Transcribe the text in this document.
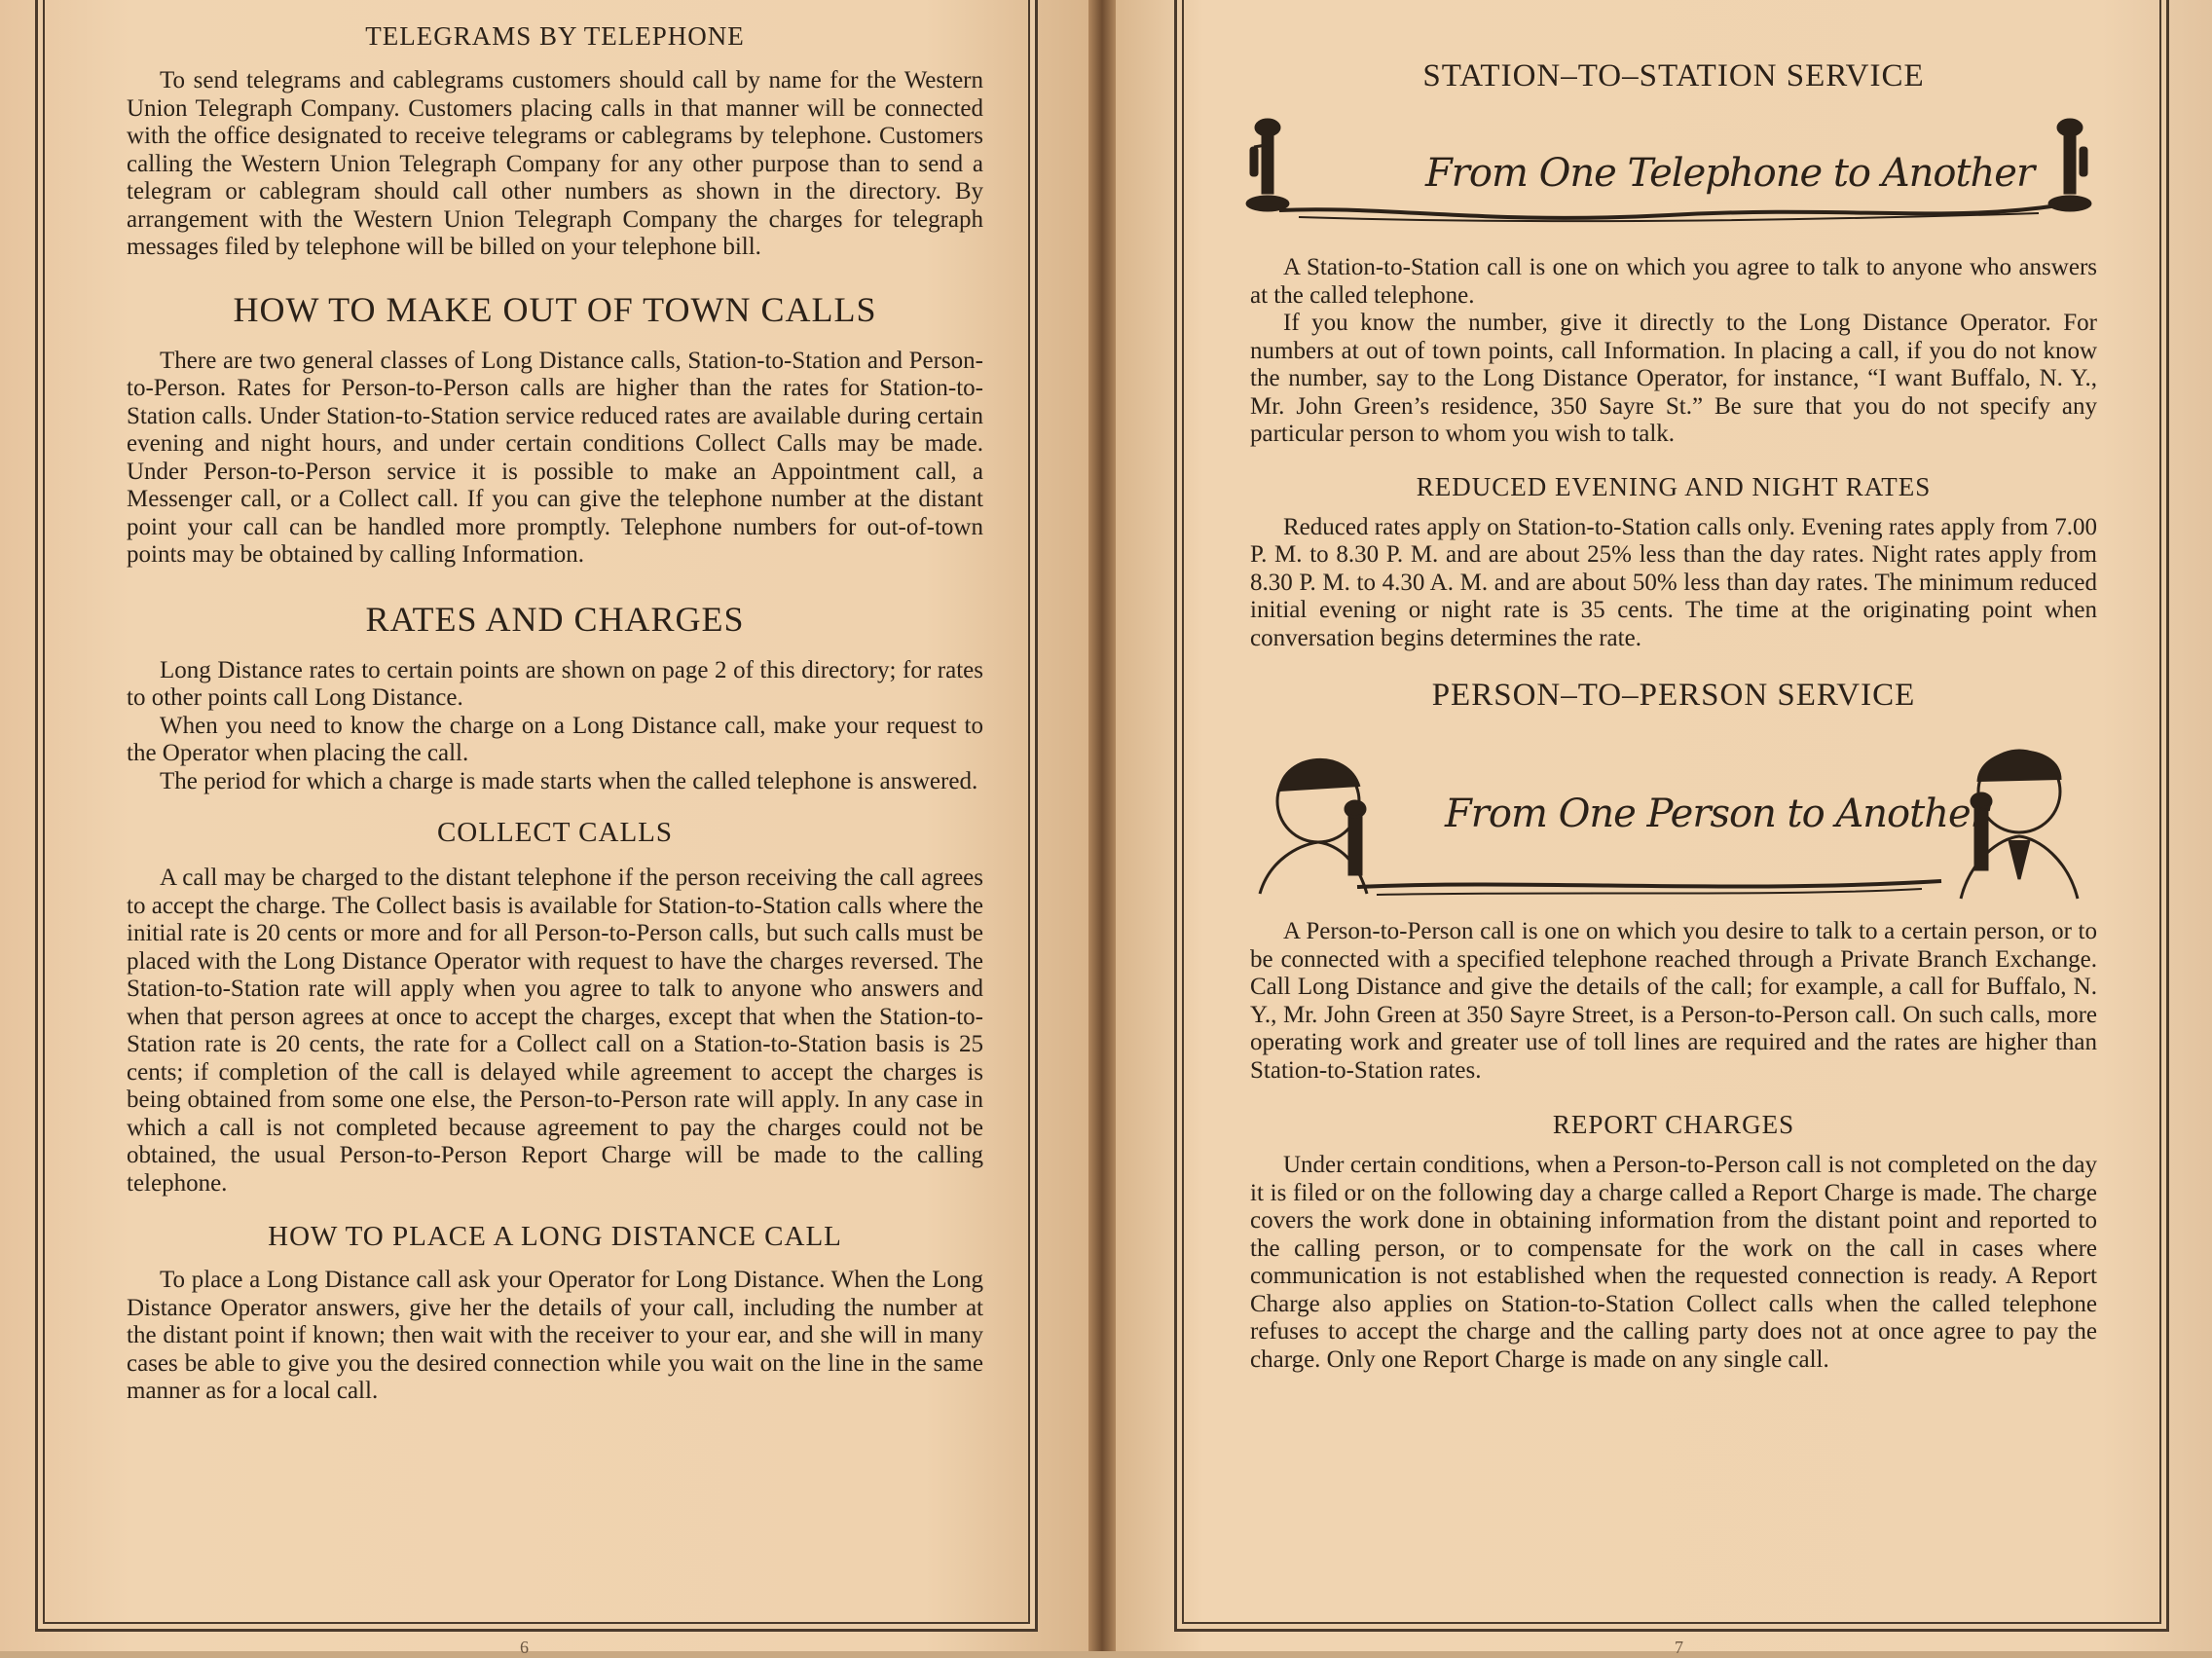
TELEGRAMS BY TELEPHONE

To send telegrams and cablegrams customers should call by name for the Western Union Telegraph Company. Customers placing calls in that manner will be connected with the office designated to receive telegrams or cablegrams by telephone. Customers calling the Western Union Telegraph Company for any other purpose than to send a telegram or cablegram should call other numbers as shown in the directory. By arrangement with the Western Union Telegraph Company the charges for telegraph messages filed by telephone will be billed on your telephone bill.

HOW TO MAKE OUT OF TOWN CALLS

There are two general classes of Long Distance calls, Station-to-Station and Person-to-Person. Rates for Person-to-Person calls are higher than the rates for Station-to-Station calls. Under Station-to-Station service reduced rates are available during certain evening and night hours, and under certain conditions Collect Calls may be made. Under Person-to-Person service it is possible to make an Appointment call, a Messenger call, or a Collect call. If you can give the telephone number at the distant point your call can be handled more promptly. Telephone numbers for out-of-town points may be obtained by calling Information.

RATES AND CHARGES

Long Distance rates to certain points are shown on page 2 of this directory; for rates to other points call Long Distance.

When you need to know the charge on a Long Distance call, make your request to the Operator when placing the call.

The period for which a charge is made starts when the called telephone is answered.

COLLECT CALLS

A call may be charged to the distant telephone if the person receiving the call agrees to accept the charge. The Collect basis is available for Station-to-Station calls where the initial rate is 20 cents or more and for all Person-to-Person calls, but such calls must be placed with the Long Distance Operator with request to have the charges reversed. The Station-to-Station rate will apply when you agree to talk to anyone who answers and when that person agrees at once to accept the charges, except that when the Station-to-Station rate is 20 cents, the rate for a Collect call on a Station-to-Station basis is 25 cents; if completion of the call is delayed while agreement to accept the charges is being obtained from some one else, the Person-to-Person rate will apply. In any case in which a call is not completed because agreement to pay the charges could not be obtained, the usual Person-to-Person Report Charge will be made to the calling telephone.

HOW TO PLACE A LONG DISTANCE CALL

To place a Long Distance call ask your Operator for Long Distance. When the Long Distance Operator answers, give her the details of your call, including the number at the distant point if known; then wait with the receiver to your ear, and she will in many cases be able to give you the desired connection while you wait on the line in the same manner as for a local call.

6
STATION–TO–STATION SERVICE
From One Telephone to Another

A Station-to-Station call is one on which you agree to talk to anyone who answers at the called telephone.

If you know the number, give it directly to the Long Distance Operator. For numbers at out of town points, call Information. In placing a call, if you do not know the number, say to the Long Distance Operator, for instance, “I want Buffalo, N. Y., Mr. John Green’s residence, 350 Sayre St.” Be sure that you do not specify any particular person to whom you wish to talk.

REDUCED EVENING AND NIGHT RATES

Reduced rates apply on Station-to-Station calls only. Evening rates apply from 7.00 P. M. to 8.30 P. M. and are about 25% less than the day rates. Night rates apply from 8.30 P. M. to 4.30 A. M. and are about 50% less than day rates. The minimum reduced initial evening or night rate is 35 cents. The time at the originating point when conversation begins determines the rate.

PERSON–TO–PERSON SERVICE
From One Person to Another

A Person-to-Person call is one on which you desire to talk to a certain person, or to be connected with a specified telephone reached through a Private Branch Exchange. Call Long Distance and give the details of the call; for example, a call for Buffalo, N. Y., Mr. John Green at 350 Sayre Street, is a Person-to-Person call. On such calls, more operating work and greater use of toll lines are required and the rates are higher than Station-to-Station rates.

REPORT CHARGES

Under certain conditions, when a Person-to-Person call is not completed on the day it is filed or on the following day a charge called a Report Charge is made. The charge covers the work done in obtaining information from the distant point and reported to the calling person, or to compensate for the work on the call in cases where communication is not established when the requested connection is ready. A Report Charge also applies on Station-to-Station Collect calls when the called telephone refuses to accept the charge and the calling party does not at once agree to pay the charge. Only one Report Charge is made on any single call.

7
